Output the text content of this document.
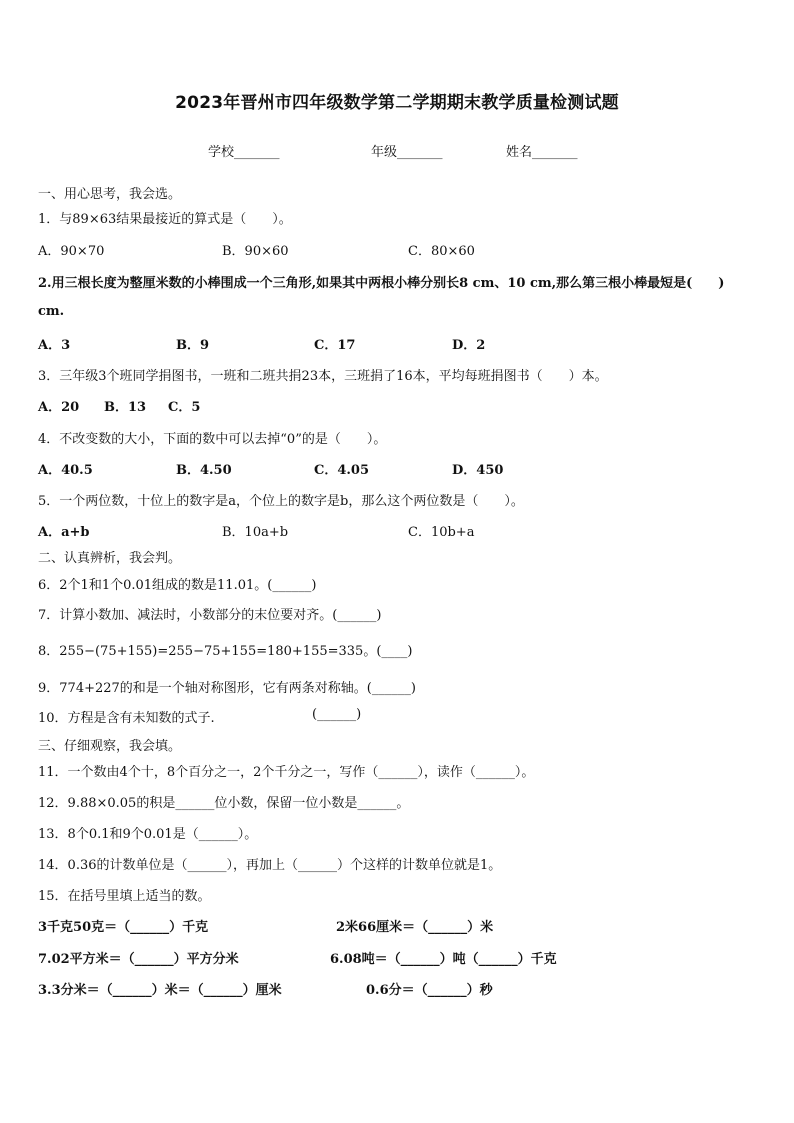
2023年晋州市四年级数学第二学期期末教学质量检测试题
学校_______	年级_______	姓名_______
一、用心思考，我会选。
1．与89×63结果最接近的算式是（　　）。
A．90×70	B．90×60	C．80×60
2.用三根长度为整厘米数的小棒围成一个三角形,如果其中两根小棒分别长8 cm、10 cm,那么第三根小棒最短是(　　)
cm.
A．3	B．9	C．17	D．2
3．三年级3个班同学捐图书，一班和二班共捐23本，三班捐了16本，平均每班捐图书（　　）本。
A．20 B．13 C．5
4．不改变数的大小，下面的数中可以去掉“0”的是（　　）。
A．40.5	B．4.50	C．4.05	D．450
5．一个两位数，十位上的数字是a，个位上的数字是b，那么这个两位数是（　　）。
A．a+b	B．10a+b	C．10b+a
二、认真辨析，我会判。
6．2个1和1个0.01组成的数是11.01。(______)
7．计算小数加、减法时，小数部分的末位要对齐。(______)
8．255−(75+155)=255−75+155=180+155=335。(____)
9．774+227的和是一个轴对称图形，它有两条对称轴。(______)
10．方程是含有未知数的式子.	(______)
三、仔细观察，我会填。
11．一个数由4个十，8个百分之一，2个千分之一，写作（______），读作（______）。
12．9.88×0.05的积是______位小数，保留一位小数是______。
13．8个0.1和9个0.01是（______）。
14．0.36的计数单位是（______），再加上（______）个这样的计数单位就是1。
15．在括号里填上适当的数。
3千克50克＝（______）千克	2米66厘米＝（______）米
7.02平方米＝（______）平方分米	6.08吨＝（______）吨（______）千克
3.3分米＝（______）米＝（______）厘米	0.6分＝（______）秒
